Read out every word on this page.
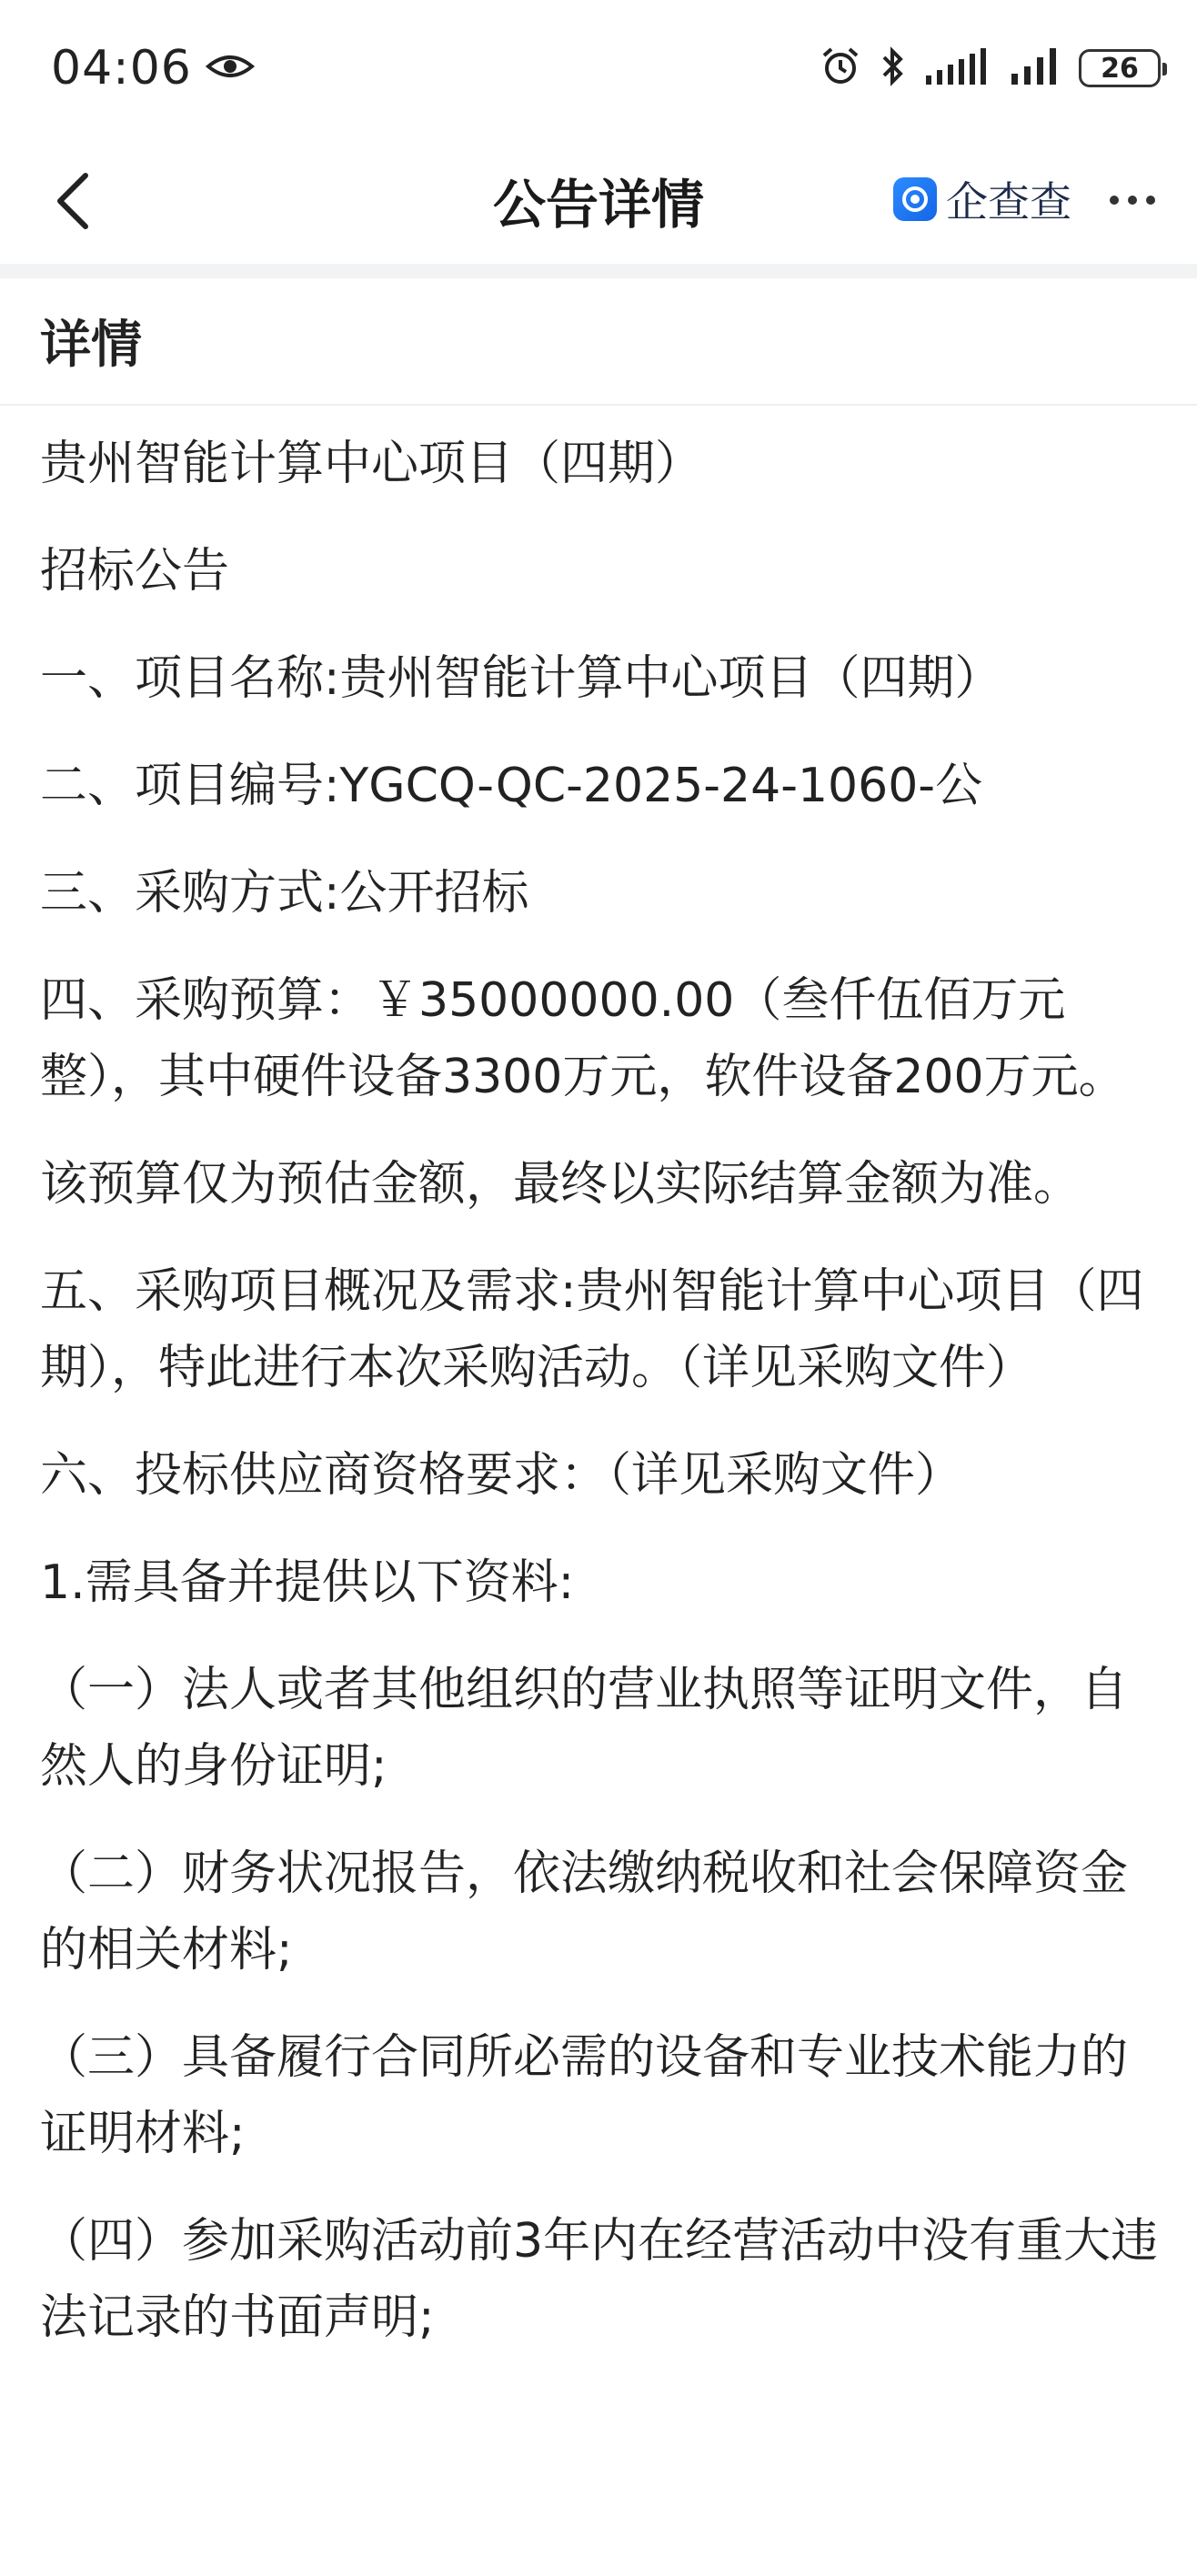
04:06	26
公告详情	企查查
详情

贵州智能计算中心项目（四期）

招标公告

一、项目名称:贵州智能计算中心项目（四期）

二、项目编号:YGCQ-QC-2025-24-1060-公

三、采购方式:公开招标

四、采购预算：￥35000000.00（叁仟伍佰万元整），其中硬件设备3300万元，软件设备200万元。

该预算仅为预估金额，最终以实际结算金额为准。

五、采购项目概况及需求:贵州智能计算中心项目（四期），特此进行本次采购活动。（详见采购文件）

六、投标供应商资格要求：（详见采购文件）

1.需具备并提供以下资料:

（一）法人或者其他组织的营业执照等证明文件，自然人的身份证明;

（二）财务状况报告，依法缴纳税收和社会保障资金的相关材料;

（三）具备履行合同所必需的设备和专业技术能力的证明材料;

（四）参加采购活动前3年内在经营活动中没有重大违法记录的书面声明;
